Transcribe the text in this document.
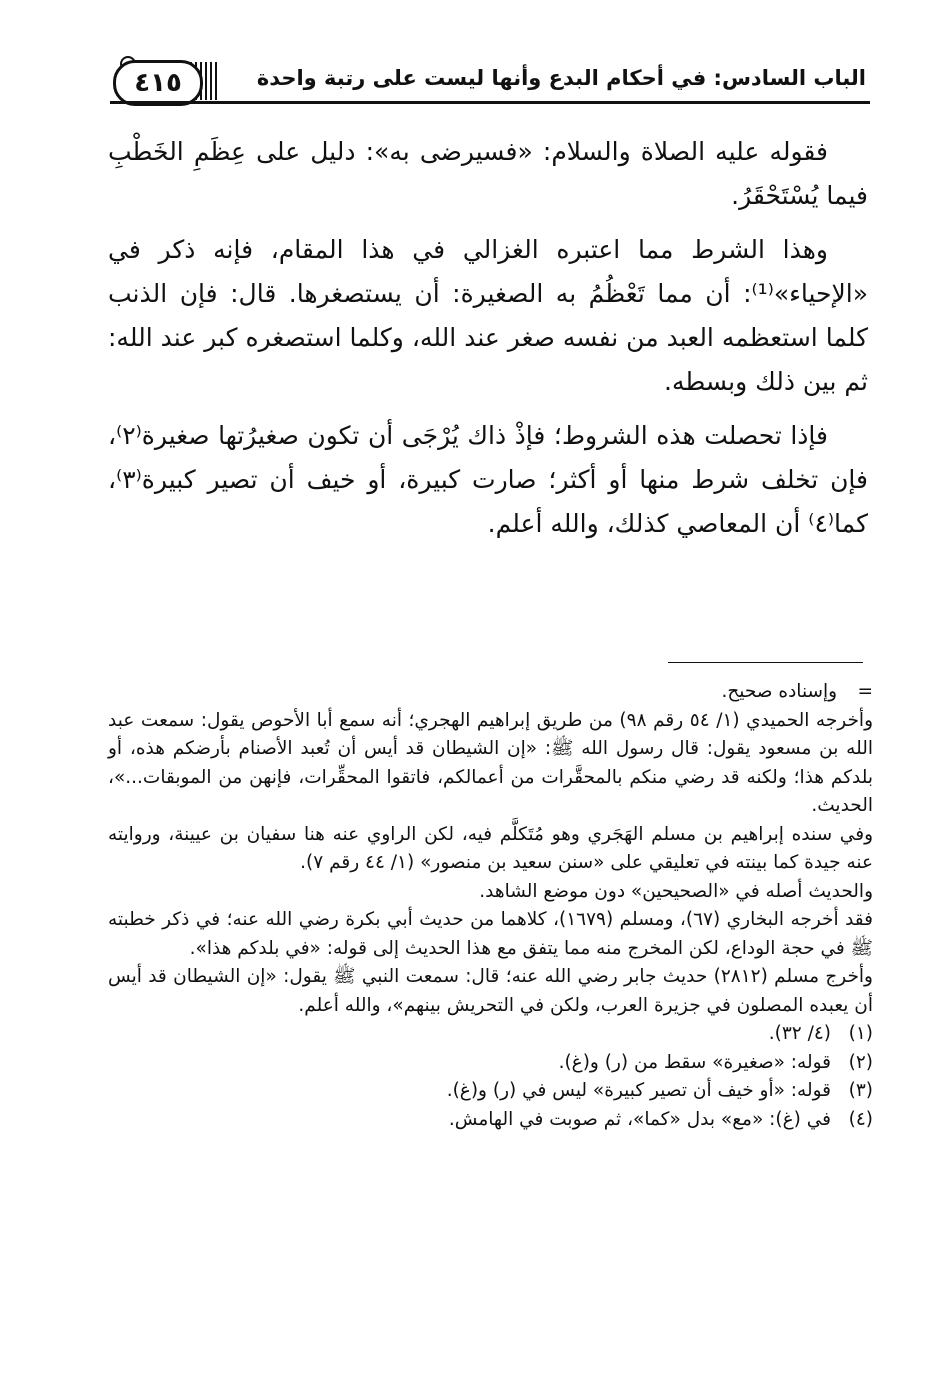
٤١٥	الباب السادس: في أحكام البدع وأنها ليست على رتبة واحدة

فقوله عليه الصلاة والسلام: «فسيرضى به»: دليل على عِظَمِ الخَطْبِ فيما يُسْتَحْقَرُ.

وهذا الشرط مما اعتبره الغزالي في هذا المقام، فإنه ذكر في «الإحياء»⁽¹⁾: أن مما تَعْظُمُ به الصغيرة: أن يستصغرها. قال: فإن الذنب كلما استعظمه العبد من نفسه صغر عند الله، وكلما استصغره كبر عند الله: ثم بين ذلك وبسطه.

فإذا تحصلت هذه الشروط؛ فإذْ ذاك يُرْجَى أن تكون صغيرُتها صغيرة⁽٢⁾، فإن تخلف شرط منها أو أكثر؛ صارت كبيرة، أو خيف أن تصير كبيرة⁽٣⁾، كما⁽٤⁾ أن المعاصي كذلك، والله أعلم.

= وإسناده صحيح.

وأخرجه الحميدي (١/ ٥٤ رقم ٩٨) من طريق إبراهيم الهجري؛ أنه سمع أبا الأحوص يقول: سمعت عبد الله بن مسعود يقول: قال رسول الله ﷺ: «إن الشيطان قد أيس أن تُعبد الأصنام بأرضكم هذه، أو بلدكم هذا؛ ولكنه قد رضي منكم بالمحقَّرات من أعمالكم، فاتقوا المحقِّرات، فإنهن من الموبقات...»، الحديث.

وفي سنده إبراهيم بن مسلم الهَجَري وهو مُتَكلَّم فيه، لكن الراوي عنه هنا سفيان بن عيينة، وروايته عنه جيدة كما بينته في تعليقي على «سنن سعيد بن منصور» (١/ ٤٤ رقم ٧).

والحديث أصله في «الصحيحين» دون موضع الشاهد.

فقد أخرجه البخاري (٦٧)، ومسلم (١٦٧٩)، كلاهما من حديث أبي بكرة رضي الله عنه؛ في ذكر خطبته ﷺ في حجة الوداع، لكن المخرج منه مما يتفق مع هذا الحديث إلى قوله: «في بلدكم هذا».

وأخرج مسلم (٢٨١٢) حديث جابر رضي الله عنه؛ قال: سمعت النبي ﷺ يقول: «إن الشيطان قد أيس أن يعبده المصلون في جزيرة العرب، ولكن في التحريش بينهم»، والله أعلم.

(١)
(٤/ ٣٢).
(٢)
قوله: «صغيرة» سقط من (ر) و(غ).
(٣)
قوله: «أو خيف أن تصير كبيرة» ليس في (ر) و(غ).
(٤)
في (غ): «مع» بدل «كما»، ثم صوبت في الهامش.
